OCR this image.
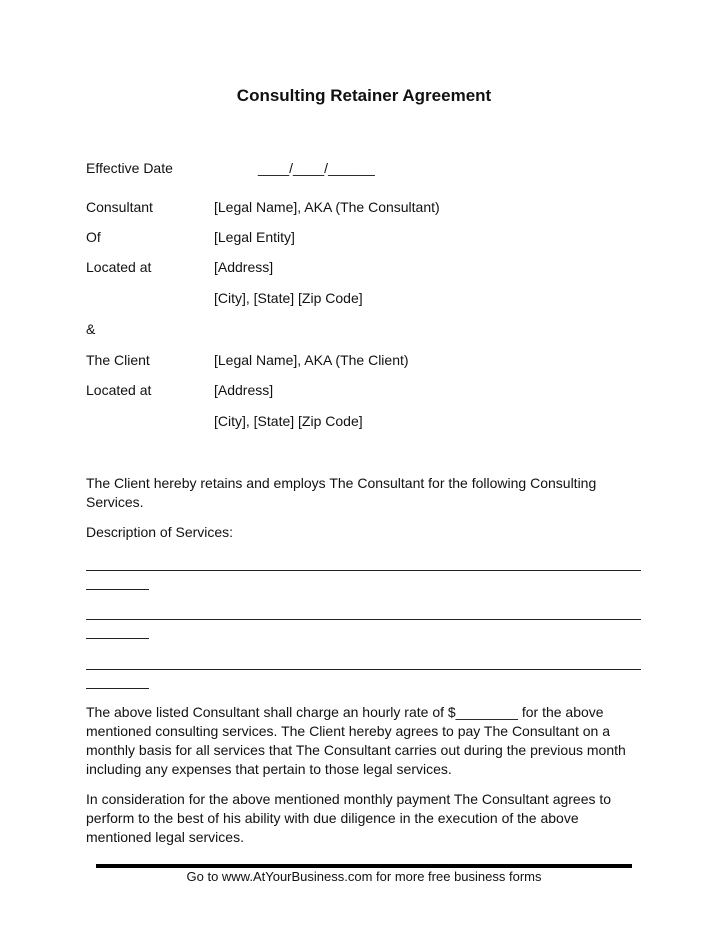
Consulting Retainer Agreement
Effective Date	____/____/______
Consultant	[Legal Name], AKA (The Consultant)
Of	[Legal Entity]
Located at	[Address]
[City], [State] [Zip Code]
&
The Client	[Legal Name], AKA (The Client)
Located at	[Address]
[City], [State] [Zip Code]
The Client hereby retains and employs The Consultant for the following Consulting Services.
Description of Services:
The above listed Consultant shall charge an hourly rate of $________ for the above mentioned consulting services. The Client hereby agrees to pay The Consultant on a monthly basis for all services that The Consultant carries out during the previous month including any expenses that pertain to those legal services.
In consideration for the above mentioned monthly payment The Consultant agrees to perform to the best of his ability with due diligence in the execution of the above mentioned legal services.
Go to www.AtYourBusiness.com for more free business forms
